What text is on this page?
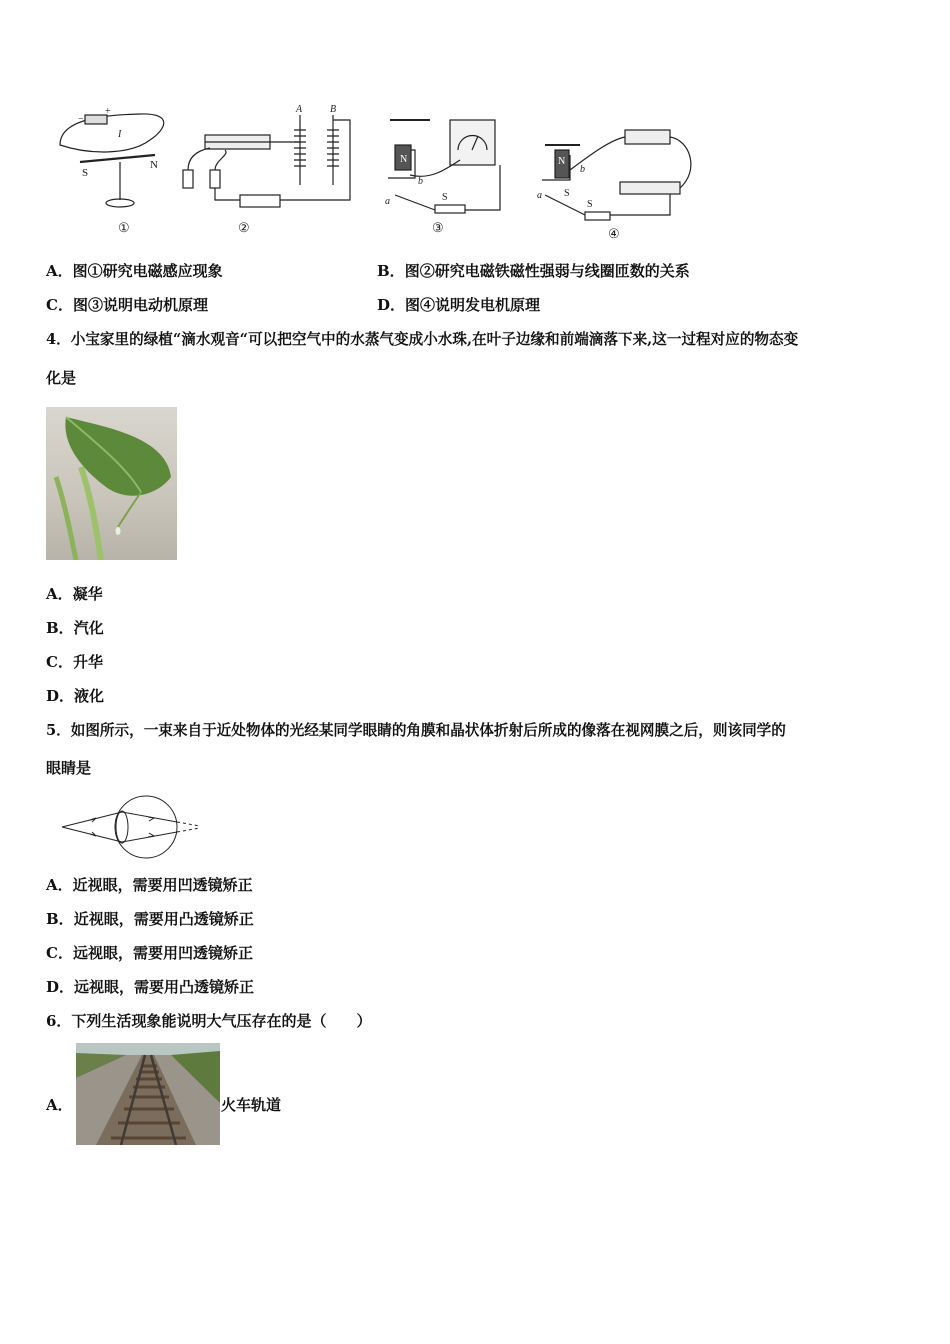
S
N
I
+
−
A	B
N
S
a
b
N
S
S
a
b
①	②	③	④
A．图①研究电磁感应现象	B．图②研究电磁铁磁性强弱与线圈匝数的关系
C．图③说明电动机原理	D．图④说明发电机原理
4．小宝家里的绿植“滴水观音“可以把空气中的水蒸气变成小水珠,在叶子边缘和前端滴落下来,这一过程对应的物态变
化是
A．凝华
B．汽化
C．升华
D．液化
5．如图所示，一束来自于近处物体的光经某同学眼睛的角膜和晶状体折射后所成的像落在视网膜之后，则该同学的
眼睛是
A．近视眼，需要用凹透镜矫正
B．近视眼，需要用凸透镜矫正
C．远视眼，需要用凹透镜矫正
D．远视眼，需要用凸透镜矫正
6．下列生活现象能说明大气压存在的是（　　）
A．	火车轨道
